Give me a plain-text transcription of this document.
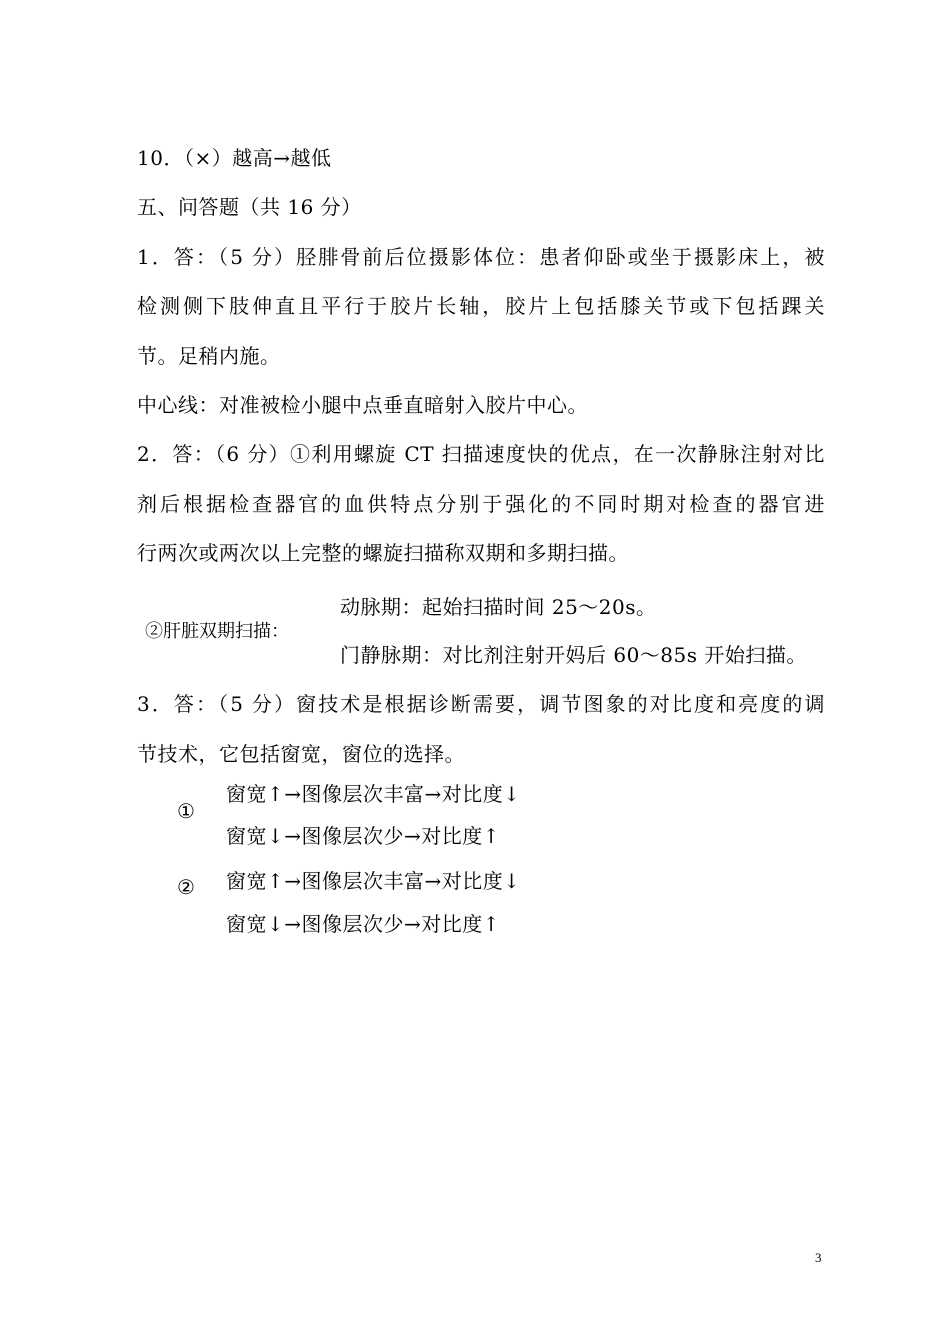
10．（×）越高→越低
五、问答题（共 16 分）
1．答：（5 分）胫腓骨前后位摄影体位：患者仰卧或坐于摄影床上，被
检测侧下肢伸直且平行于胶片长轴，胶片上包括膝关节或下包括踝关
节。足稍内施。
中心线：对准被检小腿中点垂直暗射入胶片中心。
2．答：（6 分）①利用螺旋 CT 扫描速度快的优点，在一次静脉注射对比
剂后根据检查器官的血供特点分别于强化的不同时期对检查的器官进
行两次或两次以上完整的螺旋扫描称双期和多期扫描。
②肝脏双期扫描：
动脉期：起始扫描时间 25～20s。
门静脉期：对比剂注射开妈后 60～85s 开始扫描。
3．答：（5 分）窗技术是根据诊断需要，调节图象的对比度和亮度的调
节技术，它包括窗宽，窗位的选择。
①
窗宽↑→图像层次丰富→对比度↓
窗宽↓→图像层次少→对比度↑
② 窗宽↑→图像层次丰富→对比度↓
窗宽↓→图像层次少→对比度↑
3
